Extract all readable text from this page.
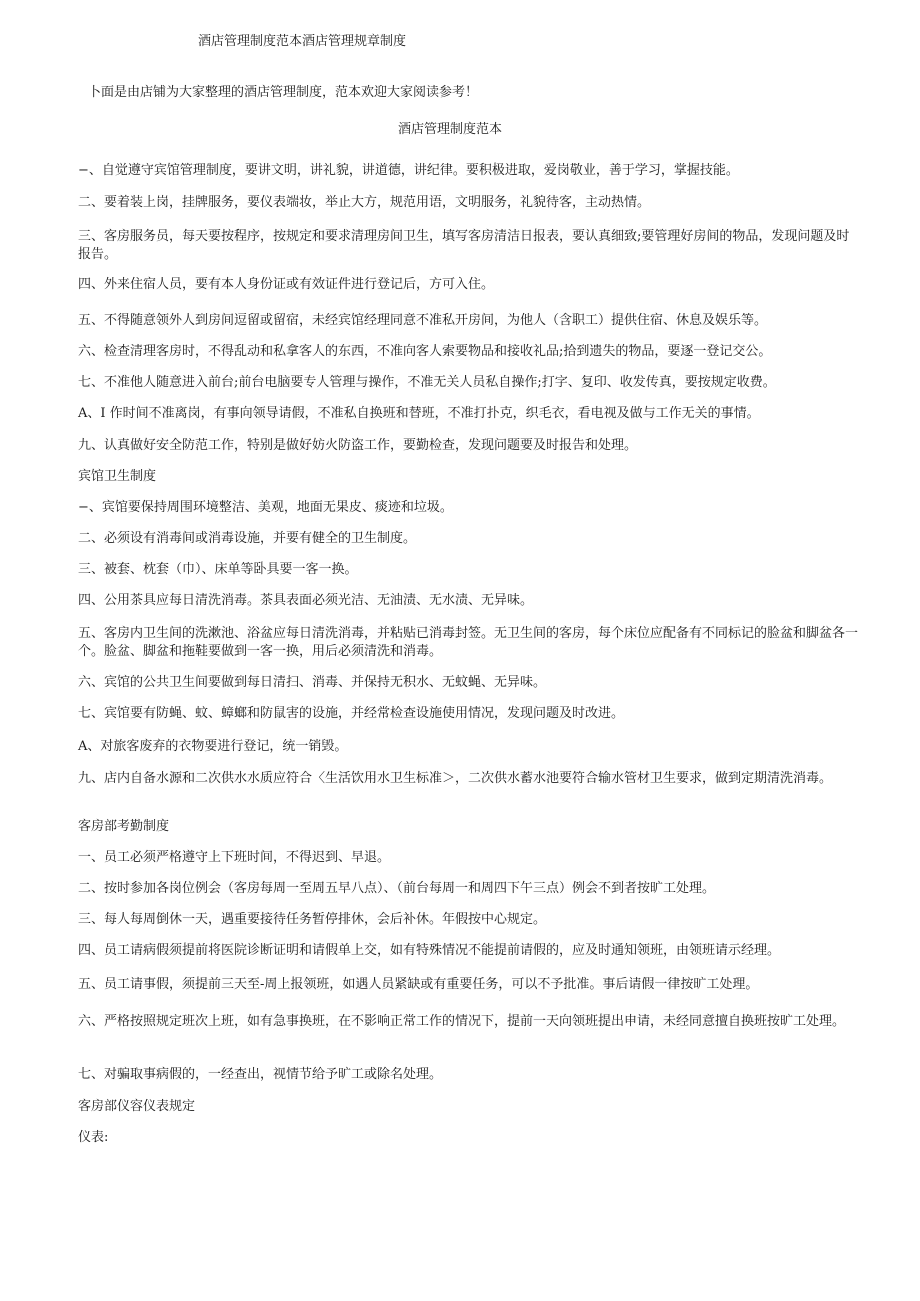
酒店管理制度范本酒店管理规章制度
卜面是由店铺为大家整理的酒店管理制度，范本欢迎大家阅读参考！
酒店管理制度范本
−、自觉遵守宾馆管理制度，要讲文明，讲礼貌，讲道德，讲纪律。要积极进取，爱岗敬业，善于学习，掌握技能。
二、要着装上岗，挂牌服务，要仪表端妆，举止大方，规范用语，文明服务，礼貌待客，主动热情。
三、客房服务员，每天要按程序，按规定和要求清理房间卫生，填写客房清洁日报表，要认真细致;要管理好房间的物品，发现问题及时报告。
四、外来住宿人员，要有本人身份证或有效证件进行登记后，方可入住。
五、不得随意领外人到房间逗留或留宿，未经宾馆经理同意不准私开房间，为他人（含职工）提供住宿、休息及娱乐等。
六、检查清理客房时，不得乱动和私拿客人的东西，不准向客人索要物品和接收礼品;拾到遗失的物品，要逐一登记交公。
七、不准他人随意进入前台;前台电脑要专人管理与操作，不准无关人员私自操作;打字、复印、收发传真，要按规定收费。
A、I 作时间不准离岗，有事向领导请假，不准私自换班和替班，不准打扑克，织毛衣，看电视及做与工作无关的事情。
九、认真做好安全防范工作，特别是做好妨火防盗工作，要勤检查，发现问题要及时报告和处理。
宾馆卫生制度
−、宾馆要保持周围环境整洁、美观，地面无果皮、痰迹和垃圾。
二、必须设有消毒间或消毒设施，并要有健全的卫生制度。
三、被套、枕套（巾）、床单等卧具要一客一换。
四、公用茶具应每日清洗消毒。茶具表面必须光洁、无油渍、无水渍、无异味。
五、客房内卫生间的洗漱池、浴盆应每日清洗消毒，并粘贴已消毒封签。无卫生间的客房，每个床位应配备有不同标记的脸盆和脚盆各一个。脸盆、脚盆和拖鞋要做到一客一换，用后必须清洗和消毒。
六、宾馆的公共卫生间要做到每日清扫、消毒、并保持无积水、无蚊蝇、无异味。
七、宾馆要有防蝇、蚊、蟑螂和防鼠害的设施，并经常检查设施使用情况，发现问题及时改进。
A、对旅客废弃的衣物要进行登记，统一销毁。
九、店内自备水源和二次供水水质应符合〈生活饮用水卫生标准＞，二次供水蓄水池要符合输水管材卫生要求，做到定期清洗消毒。
客房部考勤制度
一、员工必须严格遵守上下班时间，不得迟到、早退。
二、按时参加各岗位例会（客房每周一至周五早八点）、（前台每周一和周四下午三点）例会不到者按旷工处理。
三、每人每周倒休一天，遇重要接待任务暂停排休，会后补休。年假按中心规定。
四、员工请病假须提前将医院诊断证明和请假单上交，如有特殊情况不能提前请假的，应及时通知领班，由领班请示经理。
五、员工请事假，须提前三天至-周上报领班，如遇人员紧缺或有重要任务，可以不予批准。事后请假一律按旷工处理。
六、严格按照规定班次上班，如有急事换班，在不影响正常工作的情况下，提前一天向领班提出申请，未经同意擅自换班按旷工处理。
七、对骗取事病假的，一经查出，视情节给予旷工或除名处理。
客房部仪容仪表规定
仪表:
